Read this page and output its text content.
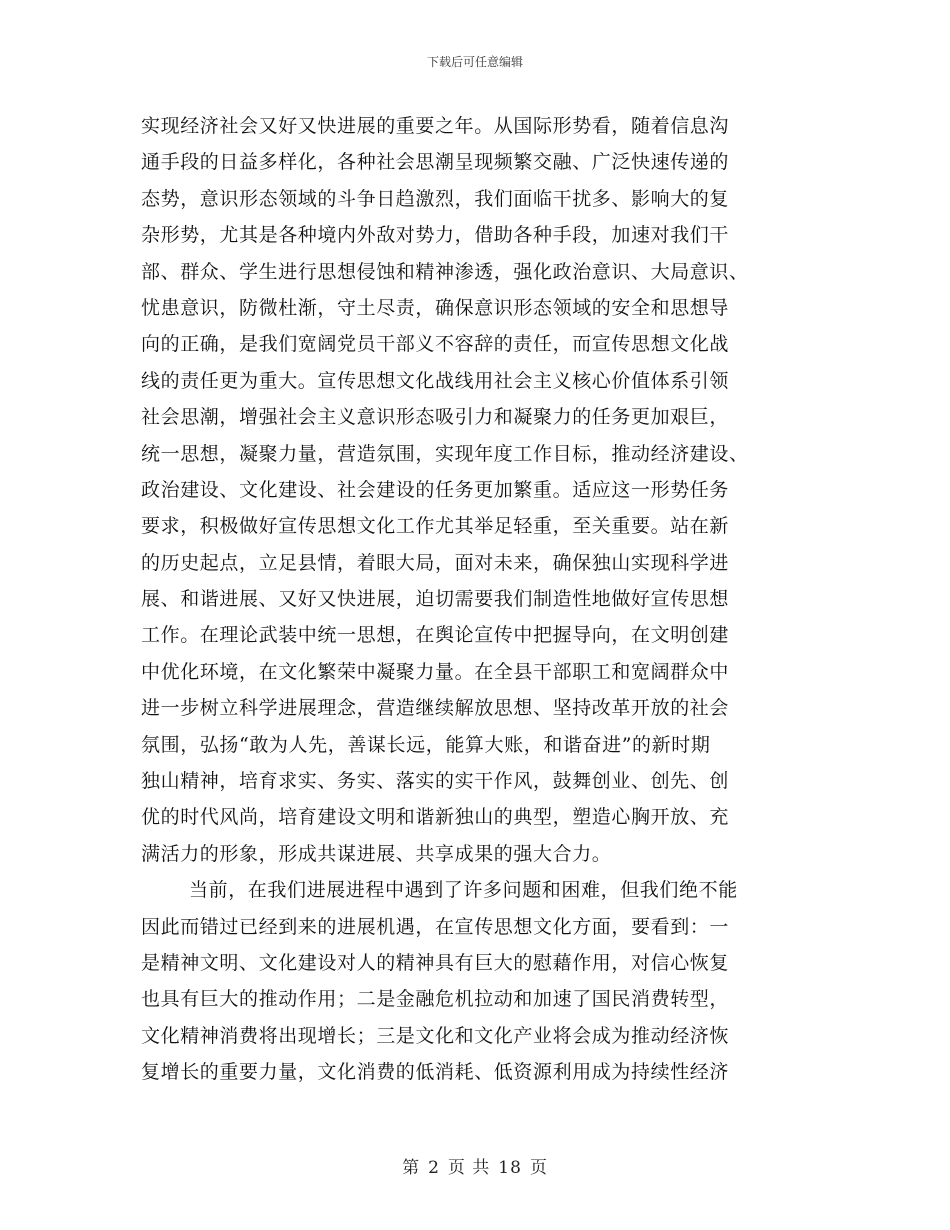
下载后可任意编辑
实现经济社会又好又快进展的重要之年。从国际形势看，随着信息沟
通手段的日益多样化，各种社会思潮呈现频繁交融、广泛快速传递的
态势，意识形态领域的斗争日趋激烈，我们面临干扰多、影响大的复
杂形势，尤其是各种境内外敌对势力，借助各种手段，加速对我们干
部、群众、学生进行思想侵蚀和精神渗透，强化政治意识、大局意识、
忧患意识，防微杜渐，守土尽责，确保意识形态领域的安全和思想导
向的正确，是我们宽阔党员干部义不容辞的责任，而宣传思想文化战
线的责任更为重大。宣传思想文化战线用社会主义核心价值体系引领
社会思潮，增强社会主义意识形态吸引力和凝聚力的任务更加艰巨，
统一思想，凝聚力量，营造氛围，实现年度工作目标，推动经济建设、
政治建设、文化建设、社会建设的任务更加繁重。适应这一形势任务
要求，积极做好宣传思想文化工作尤其举足轻重，至关重要。站在新
的历史起点，立足县情，着眼大局，面对未来，确保独山实现科学进
展、和谐进展、又好又快进展，迫切需要我们制造性地做好宣传思想
工作。在理论武装中统一思想，在舆论宣传中把握导向，在文明创建
中优化环境，在文化繁荣中凝聚力量。在全县干部职工和宽阔群众中
进一步树立科学进展理念，营造继续解放思想、坚持改革开放的社会
氛围，弘扬“敢为人先，善谋长远，能算大账，和谐奋进”的新时期
独山精神，培育求实、务实、落实的实干作风，鼓舞创业、创先、创
优的时代风尚，培育建设文明和谐新独山的典型，塑造心胸开放、充
满活力的形象，形成共谋进展、共享成果的强大合力。
当前，在我们进展进程中遇到了许多问题和困难，但我们绝不能
因此而错过已经到来的进展机遇，在宣传思想文化方面，要看到：一
是精神文明、文化建设对人的精神具有巨大的慰藉作用，对信心恢复
也具有巨大的推动作用；二是金融危机拉动和加速了国民消费转型，
文化精神消费将出现增长；三是文化和文化产业将会成为推动经济恢
复增长的重要力量，文化消费的低消耗、低资源利用成为持续性经济
第 2 页 共 18 页
